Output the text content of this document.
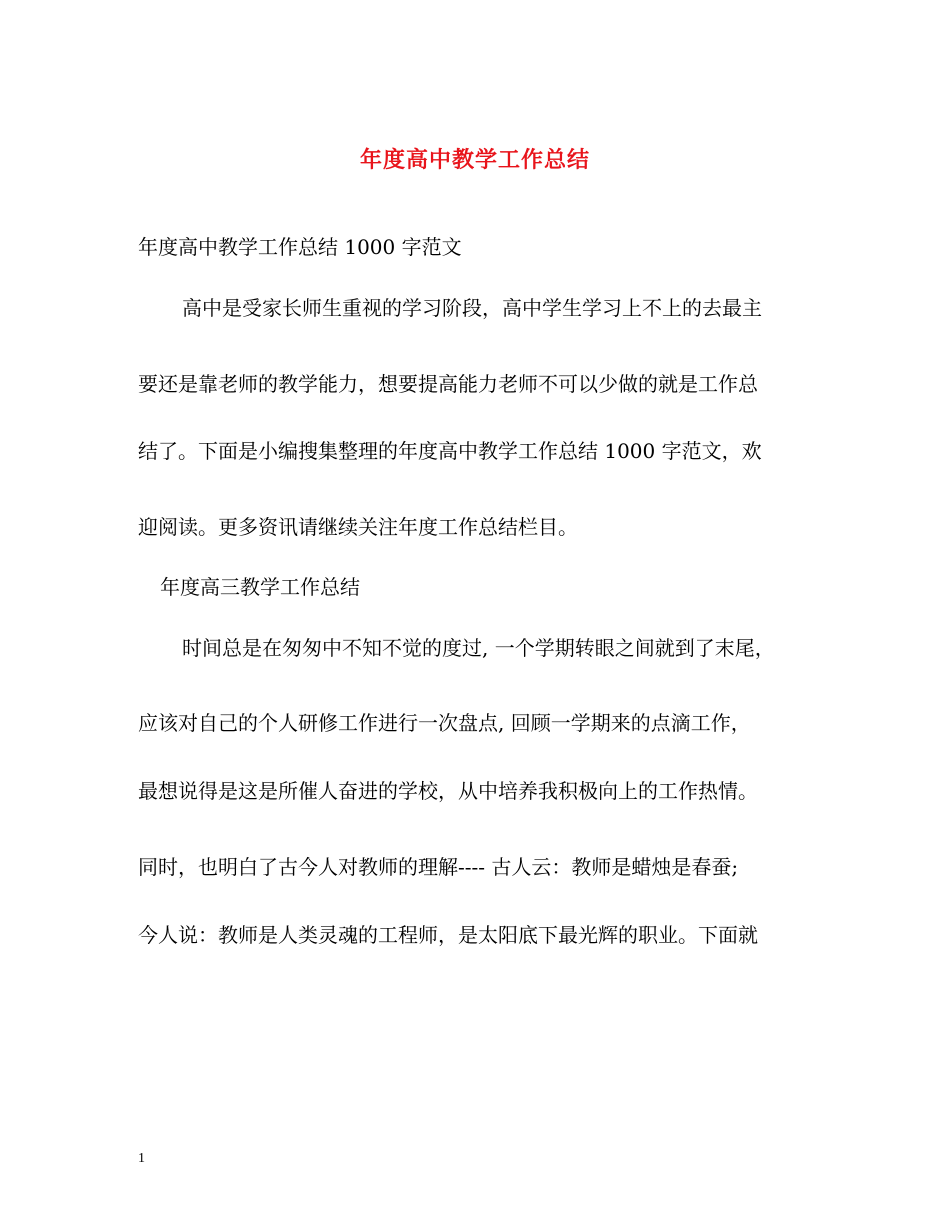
年度高中教学工作总结
年度高中教学工作总结 1000 字范文
高中是受家长师生重视的学习阶段，高中学生学习上不上的去最主
要还是靠老师的教学能力，想要提高能力老师不可以少做的就是工作总
结了。下面是小编搜集整理的年度高中教学工作总结 1000 字范文，欢
迎阅读。更多资讯请继续关注年度工作总结栏目。
年度高三教学工作总结
时间总是在匆匆中不知不觉的度过, 一个学期转眼之间就到了末尾，
应该对自己的个人研修工作进行一次盘点, 回顾一学期来的点滴工作，
最想说得是这是所催人奋进的学校，从中培养我积极向上的工作热情。
同时，也明白了古今人对教师的理解---- 古人云：教师是蜡烛是春蚕;
今人说：教师是人类灵魂的工程师，是太阳底下最光辉的职业。下面就
1
